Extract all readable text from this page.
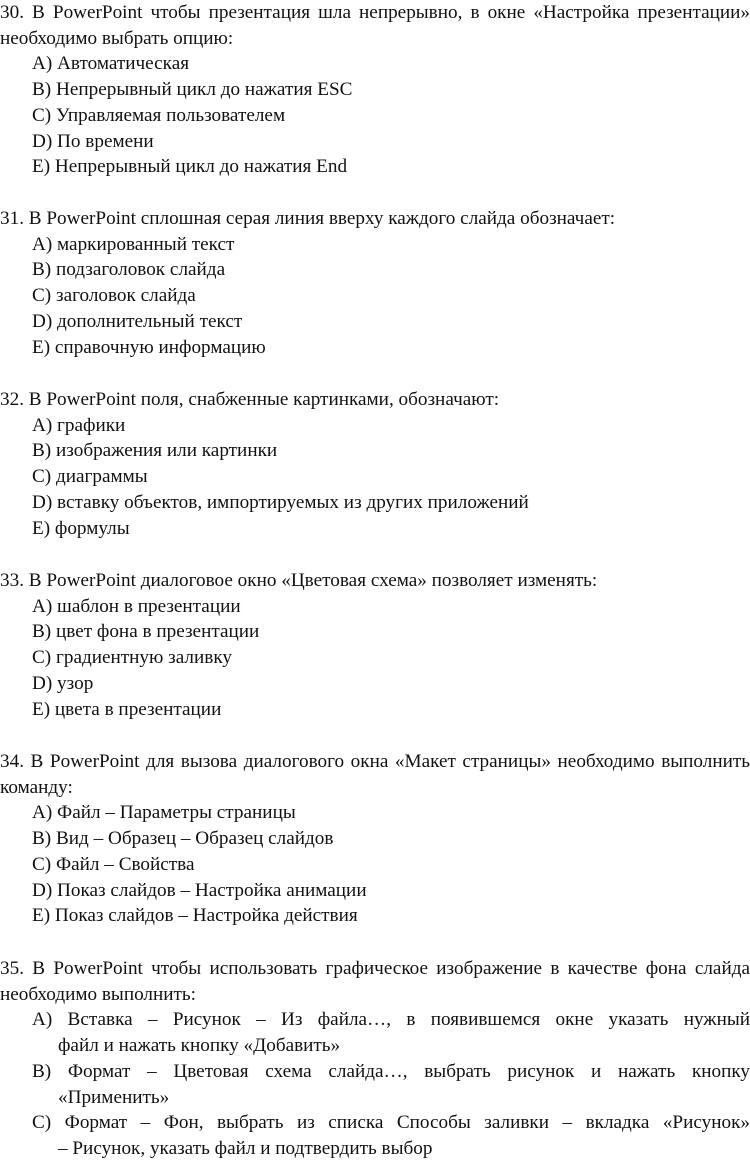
30. В PowerPoint чтобы презентация шла непрерывно, в окне «Настройка презентации» необходимо выбрать опцию:

A) Автоматическая
B) Непрерывный цикл до нажатия ESC
C) Управляемая пользователем
D) По времени
E) Непрерывный цикл до нажатия End

31. В PowerPoint сплошная серая линия вверху каждого слайда обозначает:

A) маркированный текст
B) подзаголовок слайда
C) заголовок слайда
D) дополнительный текст
E) справочную информацию

32. В PowerPoint поля, снабженные картинками, обозначают:

A) графики
B) изображения или картинки
C) диаграммы
D) вставку объектов, импортируемых из других приложений
E) формулы

33. В PowerPoint диалоговое окно «Цветовая схема» позволяет изменять:

A) шаблон в презентации
B) цвет фона в презентации
C) градиентную заливку
D) узор
E) цвета в презентации

34. В PowerPoint для вызова диалогового окна «Макет страницы» необходимо выполнить команду:

A) Файл – Параметры страницы
B) Вид – Образец – Образец слайдов
C) Файл – Свойства
D) Показ слайдов – Настройка анимации
E) Показ слайдов – Настройка действия

35. В PowerPoint чтобы использовать графическое изображение в качестве фона слайда необходимо выполнить:

A) Вставка – Рисунок – Из файла…, в появившемся окне указать нужный
файл и нажать кнопку «Добавить»
B) Формат – Цветовая схема слайда…, выбрать рисунок и нажать кнопку
«Применить»
C) Формат – Фон, выбрать из списка Способы заливки – вкладка «Рисунок»
– Рисунок, указать файл и подтвердить выбор
